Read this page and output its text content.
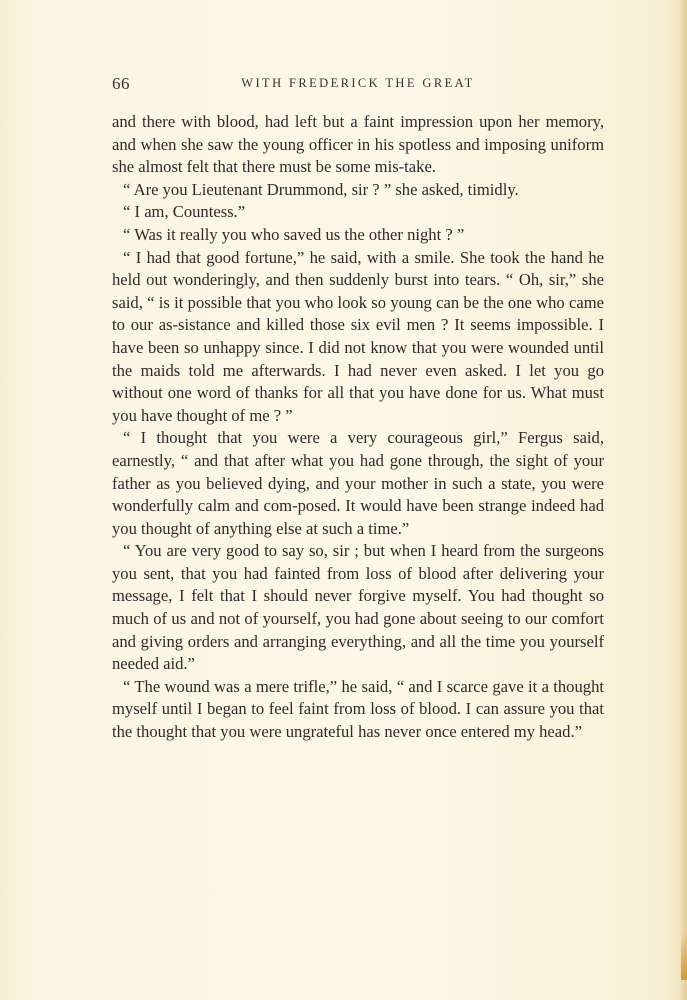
66	WITH FREDERICK THE GREAT

and there with blood, had left but a faint impression upon her memory, and when she saw the young officer in his spotless and imposing uniform she almost felt that there must be some mis-take.

“ Are you Lieutenant Drummond, sir ? ” she asked, timidly.

“ I am, Countess.”

“ Was it really you who saved us the other night ? ”

“ I had that good fortune,” he said, with a smile. She took the hand he held out wonderingly, and then suddenly burst into tears. “ Oh, sir,” she said, “ is it possible that you who look so young can be the one who came to our as-sistance and killed those six evil men ? It seems impossible. I have been so unhappy since. I did not know that you were wounded until the maids told me afterwards. I had never even asked. I let you go without one word of thanks for all that you have done for us. What must you have thought of me ? ”

“ I thought that you were a very courageous girl,” Fergus said, earnestly, “ and that after what you had gone through, the sight of your father as you believed dying, and your mother in such a state, you were wonderfully calm and com-posed. It would have been strange indeed had you thought of anything else at such a time.”

“ You are very good to say so, sir ; but when I heard from the surgeons you sent, that you had fainted from loss of blood after delivering your message, I felt that I should never forgive myself. You had thought so much of us and not of yourself, you had gone about seeing to our comfort and giving orders and arranging everything, and all the time you yourself needed aid.”

“ The wound was a mere trifle,” he said, “ and I scarce gave it a thought myself until I began to feel faint from loss of blood. I can assure you that the thought that you were ungrateful has never once entered my head.”
